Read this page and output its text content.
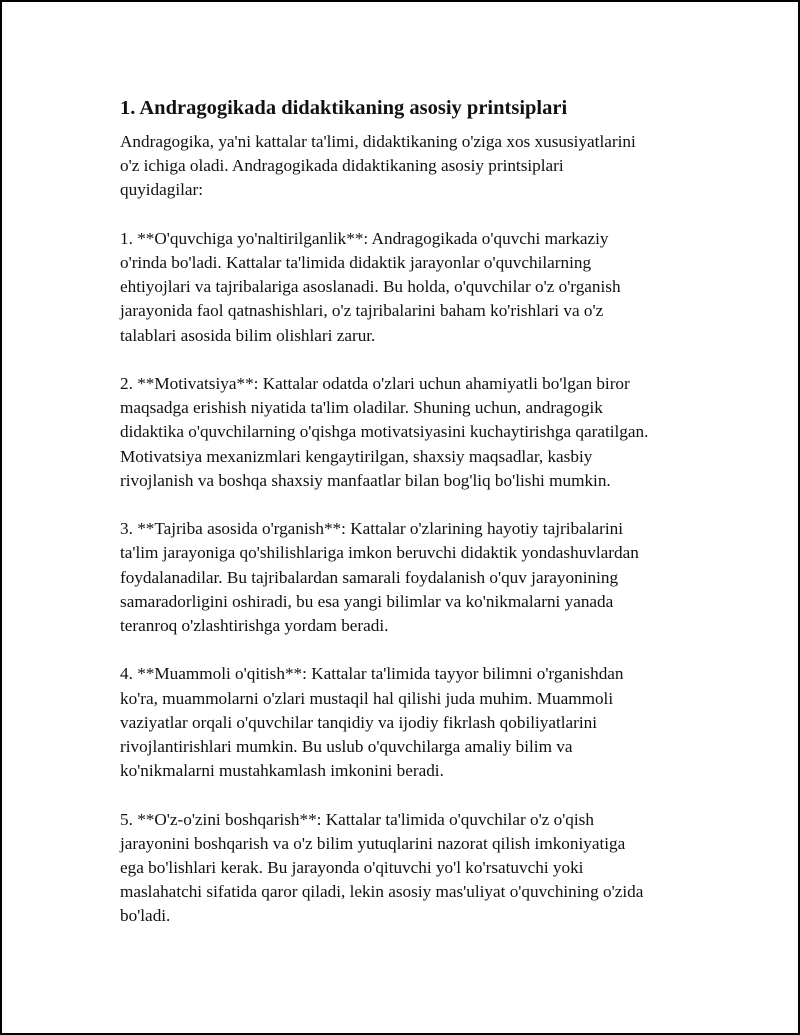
1. Andragogikada didaktikaning asosiy printsiplari

Andragogika, ya'ni kattalar ta'limi, didaktikaning o'ziga xos xususiyatlarini
o'z ichiga oladi. Andragogikada didaktikaning asosiy printsiplari
quyidagilar:

1. **O'quvchiga yo'naltirilganlik**: Andragogikada o'quvchi markaziy
o'rinda bo'ladi. Kattalar ta'limida didaktik jarayonlar o'quvchilarning
ehtiyojlari va tajribalariga asoslanadi. Bu holda, o'quvchilar o'z o'rganish
jarayonida faol qatnashishlari, o'z tajribalarini baham ko'rishlari va o'z
talablari asosida bilim olishlari zarur.

2. **Motivatsiya**: Kattalar odatda o'zlari uchun ahamiyatli bo'lgan biror
maqsadga erishish niyatida ta'lim oladilar. Shuning uchun, andragogik
didaktika o'quvchilarning o'qishga motivatsiyasini kuchaytirishga qaratilgan.
Motivatsiya mexanizmlari kengaytirilgan, shaxsiy maqsadlar, kasbiy
rivojlanish va boshqa shaxsiy manfaatlar bilan bog'liq bo'lishi mumkin.

3. **Tajriba asosida o'rganish**: Kattalar o'zlarining hayotiy tajribalarini
ta'lim jarayoniga qo'shilishlariga imkon beruvchi didaktik yondashuvlardan
foydalanadilar. Bu tajribalardan samarali foydalanish o'quv jarayonining
samaradorligini oshiradi, bu esa yangi bilimlar va ko'nikmalarni yanada
teranroq o'zlashtirishga yordam beradi.

4. **Muammoli o'qitish**: Kattalar ta'limida tayyor bilimni o'rganishdan
ko'ra, muammolarni o'zlari mustaqil hal qilishi juda muhim. Muammoli
vaziyatlar orqali o'quvchilar tanqidiy va ijodiy fikrlash qobiliyatlarini
rivojlantirishlari mumkin. Bu uslub o'quvchilarga amaliy bilim va
ko'nikmalarni mustahkamlash imkonini beradi.

5. **O'z-o'zini boshqarish**: Kattalar ta'limida o'quvchilar o'z o'qish
jarayonini boshqarish va o'z bilim yutuqlarini nazorat qilish imkoniyatiga
ega bo'lishlari kerak. Bu jarayonda o'qituvchi yo'l ko'rsatuvchi yoki
maslahatchi sifatida qaror qiladi, lekin asosiy mas'uliyat o'quvchining o'zida
bo'ladi.
